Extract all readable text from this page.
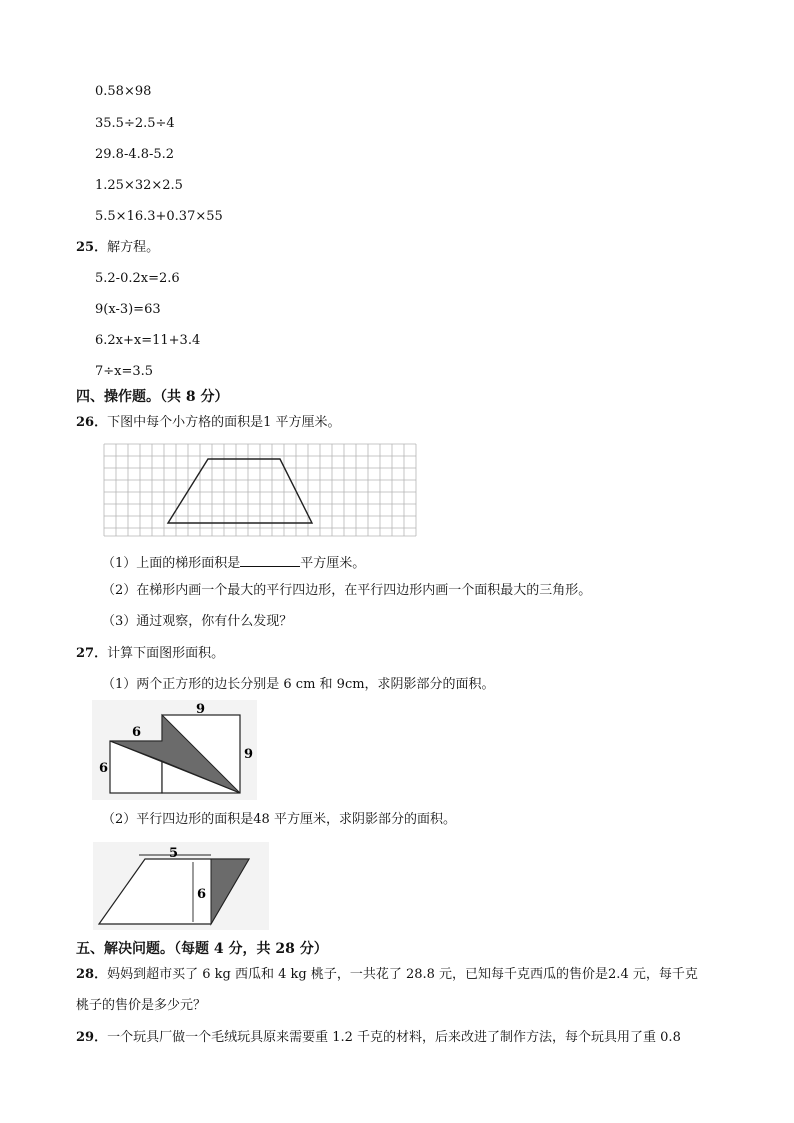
0.58×98
35.5÷2.5÷4
29.8-4.8-5.2
1.25×32×2.5
5.5×16.3+0.37×55
25．解方程。
5.2-0.2x=2.6
9(x-3)=63
6.2x+x=11+3.4
7÷x=3.5
四、操作题。（共 8 分）
26．下图中每个小方格的面积是1 平方厘米。
（1）上面的梯形面积是	平方厘米。
（2）在梯形内画一个最大的平行四边形，在平行四边形内画一个面积最大的三角形。
（3）通过观察，你有什么发现？
27．计算下面图形面积。
（1）两个正方形的边长分别是 6 cm 和 9cm，求阴影部分的面积。
6
9
9
6
（2）平行四边形的面积是48 平方厘米，求阴影部分的面积。
5
6
五、解决问题。（每题 4 分，共 28 分）
28．妈妈到超市买了 6 kg 西瓜和 4 kg 桃子，一共花了 28.8 元，已知每千克西瓜的售价是2.4 元，每千克
桃子的售价是多少元？
29．一个玩具厂做一个毛绒玩具原来需要重 1.2 千克的材料，后来改进了制作方法，每个玩具用了重 0.8
